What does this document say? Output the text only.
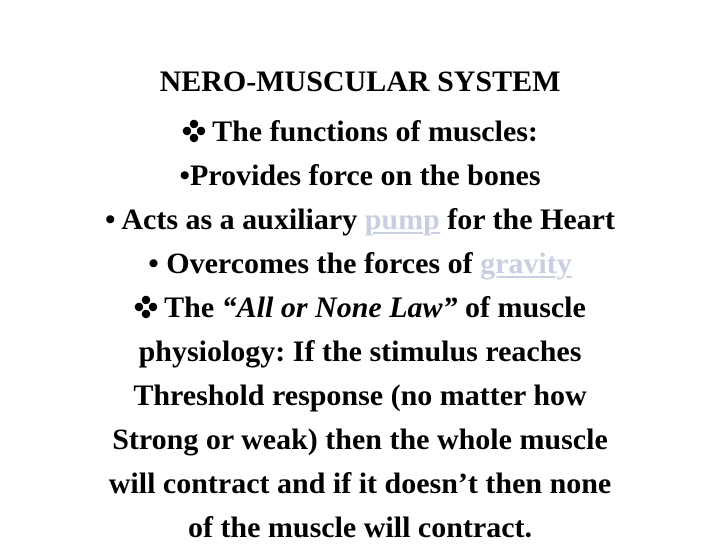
NERO-MUSCULAR SYSTEM
The functions of muscles:
•Provides force on the bones
• Acts as a auxiliary pump for the Heart
• Overcomes the forces of gravity
The “All or None Law” of muscle
physiology: If the stimulus reaches
Threshold response (no matter how
Strong or weak) then the whole muscle
will contract and if it doesn’t then none
of the muscle will contract.
